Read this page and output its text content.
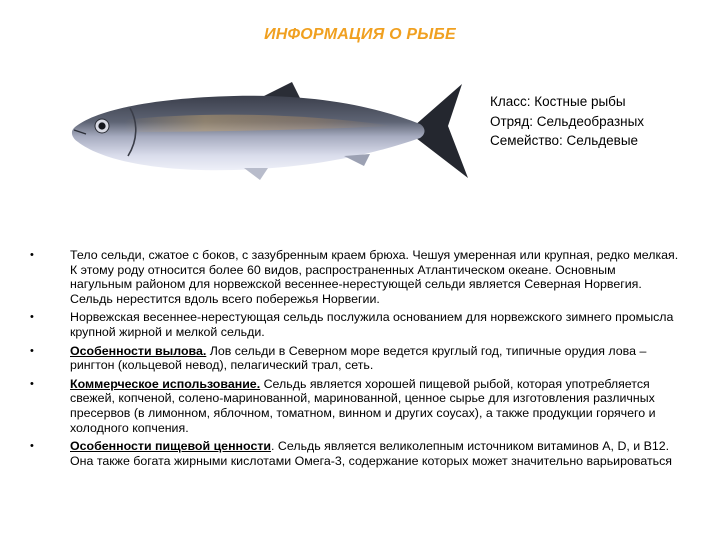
ИНФОРМАЦИЯ О РЫБЕ
Класс: Костные рыбы
Отряд: Сельдеобразных
Семейство: Сельдевые
•	Тело сельди, сжатое с боков, с зазубренным краем брюха. Чешуя умеренная или крупная, редко мелкая. К этому роду относится более 60 видов, распространенных Атлантическом океане. Основным нагульным районом для норвежской весеннее-нерестующей сельди является Северная Норвегия. Сельдь нерестится вдоль всего побережья Норвегии.
•	Норвежская весеннее-нерестующая сельдь послужила основанием для норвежского зимнего промысла крупной жирной и мелкой сельди.
•	Особенности вылова. Лов сельди в Северном море ведется круглый год, типичные орудия лова – рингтон (кольцевой невод), пелагический трал, сеть.
•	Коммерческое использование. Сельдь является хорошей пищевой рыбой, которая употребляется свежей, копченой, солено-маринованной, маринованной, ценное сырье для изготовления различных пресервов (в лимонном, яблочном, томатном, винном и других соусах), а также продукции горячего и холодного копчения.
•	Особенности пищевой ценности. Сельдь является великолепным источником витаминов A, D, и B12. Она также богата жирными кислотами Омега-3, содержание которых может значительно варьироваться
